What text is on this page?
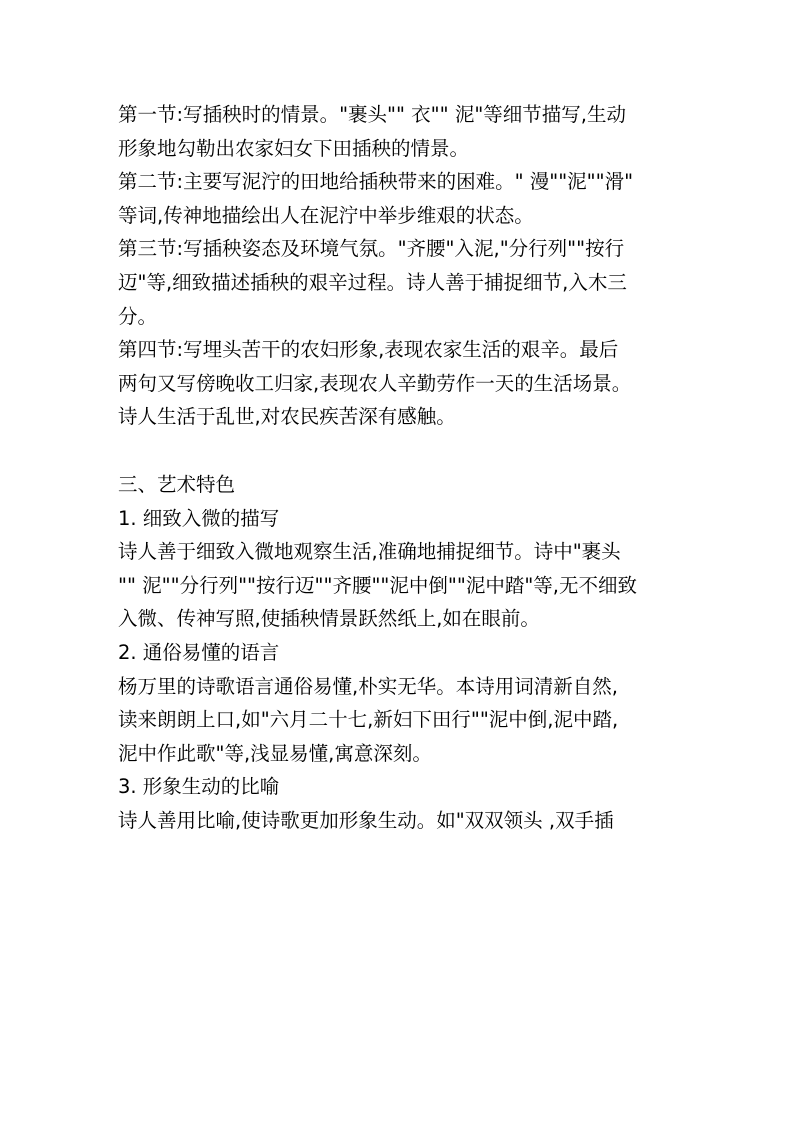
第一节:写插秧时的情景。"裹头"" 衣"" 泥"等细节描写,生动
形象地勾勒出农家妇女下田插秧的情景。
第二节:主要写泥泞的田地给插秧带来的困难。" 漫""泥""滑"
等词,传神地描绘出人在泥泞中举步维艰的状态。
第三节:写插秧姿态及环境气氛。"齐腰"入泥,"分行列""按行
迈"等,细致描述插秧的艰辛过程。诗人善于捕捉细节,入木三
分。
第四节:写埋头苦干的农妇形象,表现农家生活的艰辛。最后
两句又写傍晚收工归家,表现农人辛勤劳作一天的生活场景。
诗人生活于乱世,对农民疾苦深有感触。
三、艺术特色
1. 细致入微的描写
诗人善于细致入微地观察生活,准确地捕捉细节。诗中"裹头
"" 泥""分行列""按行迈""齐腰""泥中倒""泥中踏"等,无不细致
入微、传神写照,使插秧情景跃然纸上,如在眼前。
2. 通俗易懂的语言
杨万里的诗歌语言通俗易懂,朴实无华。本诗用词清新自然,
读来朗朗上口,如"六月二十七,新妇下田行""泥中倒,泥中踏,
泥中作此歌"等,浅显易懂,寓意深刻。
3. 形象生动的比喻
诗人善用比喻,使诗歌更加形象生动。如"双双领头 ,双手插
